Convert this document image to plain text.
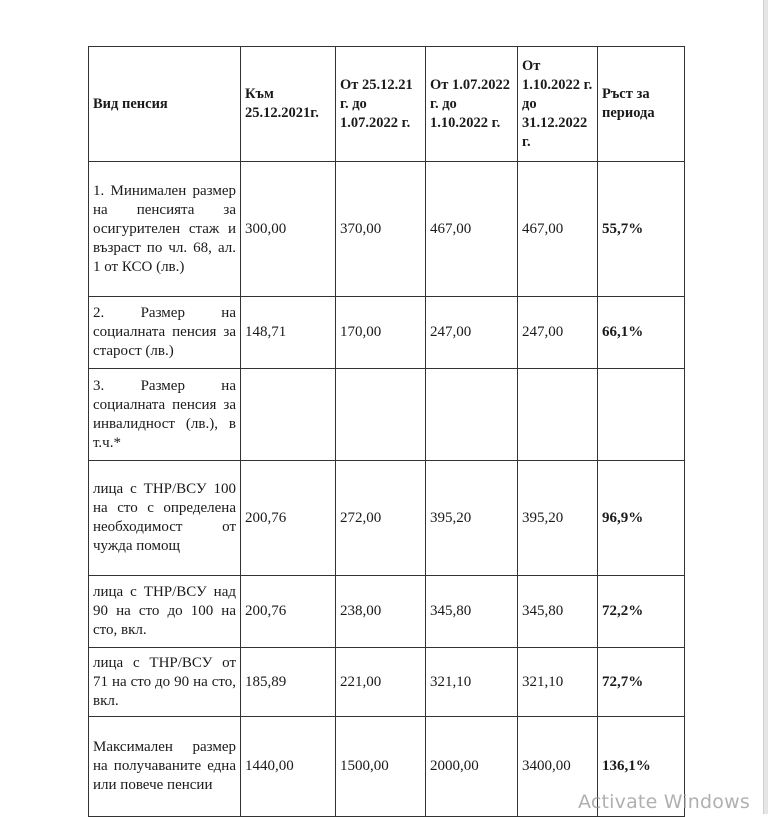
Вид пенсия	Към 25.12.2021г.	От 25.12.21 г. до 1.07.2022 г.	От 1.07.2022 г. до 1.10.2022 г.	От 1.10.2022 г. до 31.12.2022 г.	Ръст за периода
1. Минимален размер на пенсията за осигурителен стаж и възраст по чл. 68, ал. 1 от КСО (лв.)	300,00	370,00	467,00	467,00	55,7%
2. Размер на социалната пенсия за старост (лв.)	148,71	170,00	247,00	247,00	66,1%
3. Размер на социалната пенсия за инвалидност (лв.), в т.ч.*					
лица с ТНР/ВСУ 100 на сто с определена необходимост от чужда помощ	200,76	272,00	395,20	395,20	96,9%
лица с ТНР/ВСУ над 90 на сто до 100 на сто, вкл.	200,76	238,00	345,80	345,80	72,2%
лица с ТНР/ВСУ от 71 на сто до 90 на сто, вкл.	185,89	221,00	321,10	321,10	72,7%
Максимален размер на получаваните една или повече пенсии	1440,00	1500,00	2000,00	3400,00	136,1%
Activate Windows
